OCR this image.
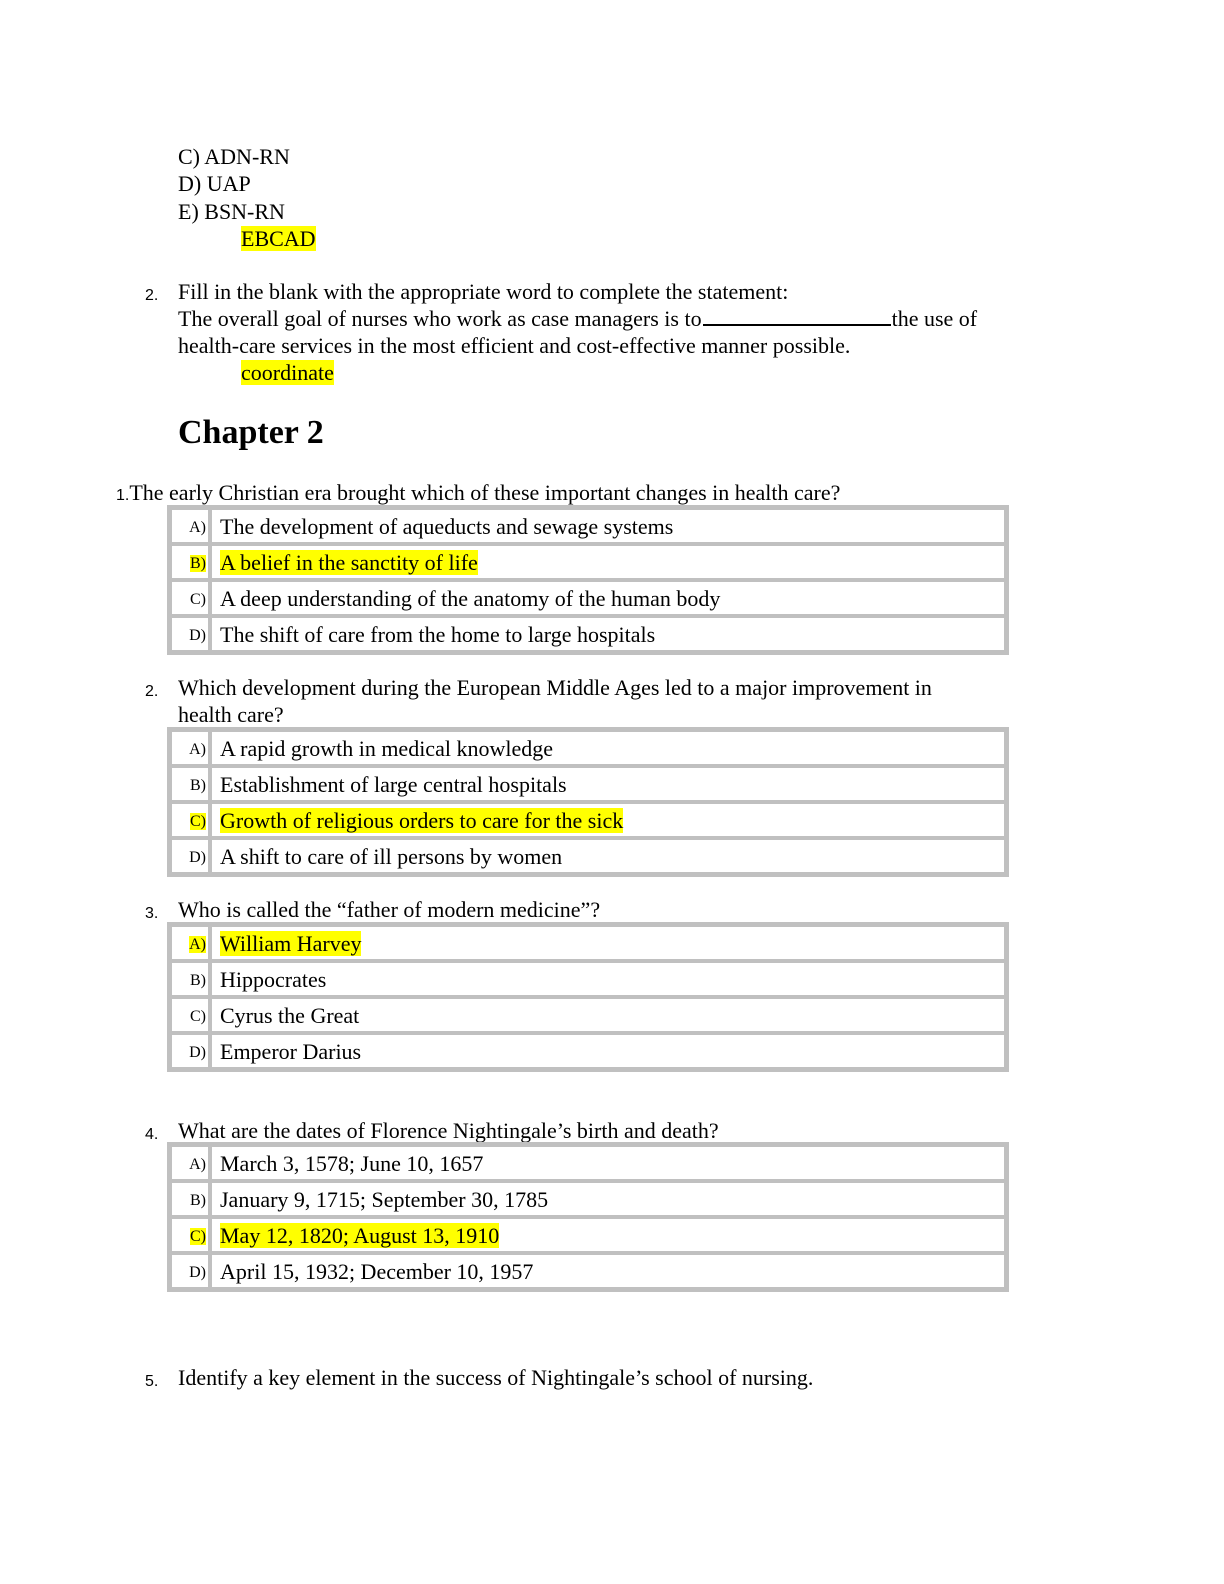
C) ADN-RN
D) UAP
E) BSN-RN
EBCAD
2. Fill in the blank with the appropriate word to complete the statement:
The overall goal of nurses who work as case managers is to	the use of
health-care services in the most efficient and cost-effective manner possible.
coordinate
Chapter 2
1.The early Christian era brought which of these important changes in health care?
A)	The development of aqueducts and sewage systems
B)	A belief in the sanctity of life
C)	A deep understanding of the anatomy of the human body
D)	The shift of care from the home to large hospitals
2. Which development during the European Middle Ages led to a major improvement in
health care?
A)	A rapid growth in medical knowledge
B)	Establishment of large central hospitals
C)	Growth of religious orders to care for the sick
D)	A shift to care of ill persons by women
3. Who is called the “father of modern medicine”?
A)	William Harvey
B)	Hippocrates
C)	Cyrus the Great
D)	Emperor Darius
4. What are the dates of Florence Nightingale’s birth and death?
A)	March 3, 1578; June 10, 1657
B)	January 9, 1715; September 30, 1785
C)	May 12, 1820; August 13, 1910
D)	April 15, 1932; December 10, 1957
5. Identify a key element in the success of Nightingale’s school of nursing.
